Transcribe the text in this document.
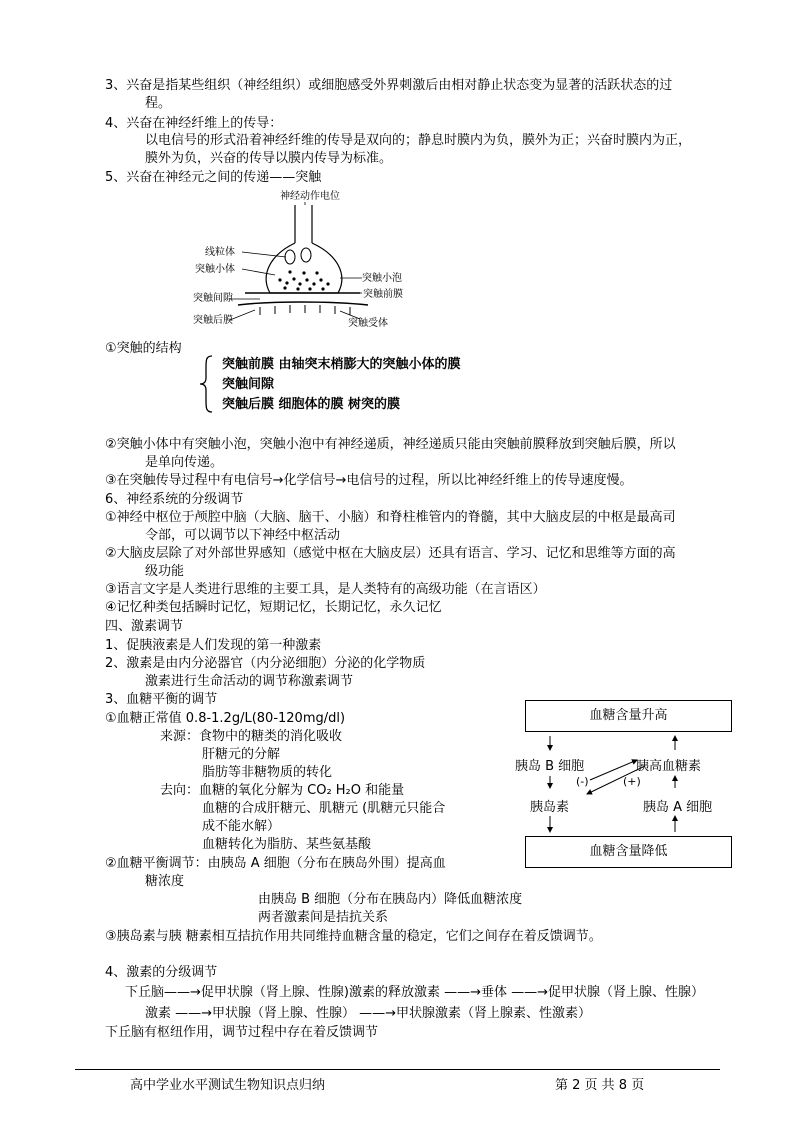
3、兴奋是指某些组织（神经组织）或细胞感受外界刺激后由相对静止状态变为显著的活跃状态的过
程。
4、兴奋在神经纤维上的传导：
以电信号的形式沿着神经纤维的传导是双向的；静息时膜内为负，膜外为正；兴奋时膜内为正，
膜外为负，兴奋的传导以膜内传导为标准。
5、兴奋在神经元之间的传递——突触
神经动作电位
线粒体
突触小体
突触小泡
突触间隙	突触前膜
突触后膜	突触受体
①突触的结构
突触前膜 由轴突末梢膨大的突触小体的膜
突触间隙
突触后膜 细胞体的膜 树突的膜
②突触小体中有突触小泡，突触小泡中有神经递质，神经递质只能由突触前膜释放到突触后膜，所以
是单向传递。
③在突触传导过程中有电信号→化学信号→电信号的过程，所以比神经纤维上的传导速度慢。
6、神经系统的分级调节
①神经中枢位于颅腔中脑（大脑、脑干、小脑）和脊柱椎管内的脊髓，其中大脑皮层的中枢是最高司
令部，可以调节以下神经中枢活动
②大脑皮层除了对外部世界感知（感觉中枢在大脑皮层）还具有语言、学习、记忆和思维等方面的高
级功能
③语言文字是人类进行思维的主要工具，是人类特有的高级功能（在言语区）
④记忆种类包括瞬时记忆，短期记忆，长期记忆，永久记忆
四、激素调节
1、促胰液素是人们发现的第一种激素
2、激素是由内分泌器官（内分泌细胞）分泌的化学物质
激素进行生命活动的调节称激素调节
3、血糖平衡的调节
①血糖正常值 0.8-1.2g/L(80-120mg/dl)
来源：食物中的糖类的消化吸收
肝糖元的分解
脂肪等非糖物质的转化
去向：血糖的氧化分解为 CO₂ H₂O 和能量
血糖的合成肝糖元、肌糖元 (肌糖元只能合
成不能水解）
血糖转化为脂肪、某些氨基酸
②血糖平衡调节：由胰岛 A 细胞（分布在胰岛外围）提高血
糖浓度
由胰岛 B 细胞（分布在胰岛内）降低血糖浓度
两者激素间是拮抗关系
③胰岛素与胰 糖素相互拮抗作用共同维持血糖含量的稳定，它们之间存在着反馈调节。
血糖含量升高
血糖含量降低
胰岛 B 细胞	胰高血糖素
(-)	(+)
胰岛素	胰岛 A 细胞
4、激素的分级调节
下丘脑——→促甲状腺（肾上腺、性腺)激素的释放激素 ——→垂体 ——→促甲状腺（肾上腺、性腺）
激素 ——→甲状腺（肾上腺、性腺） ——→甲状腺激素（肾上腺素、性激素）
下丘脑有枢纽作用，调节过程中存在着反馈调节
高中学业水平测试生物知识点归纳	第 2 页 共 8 页
